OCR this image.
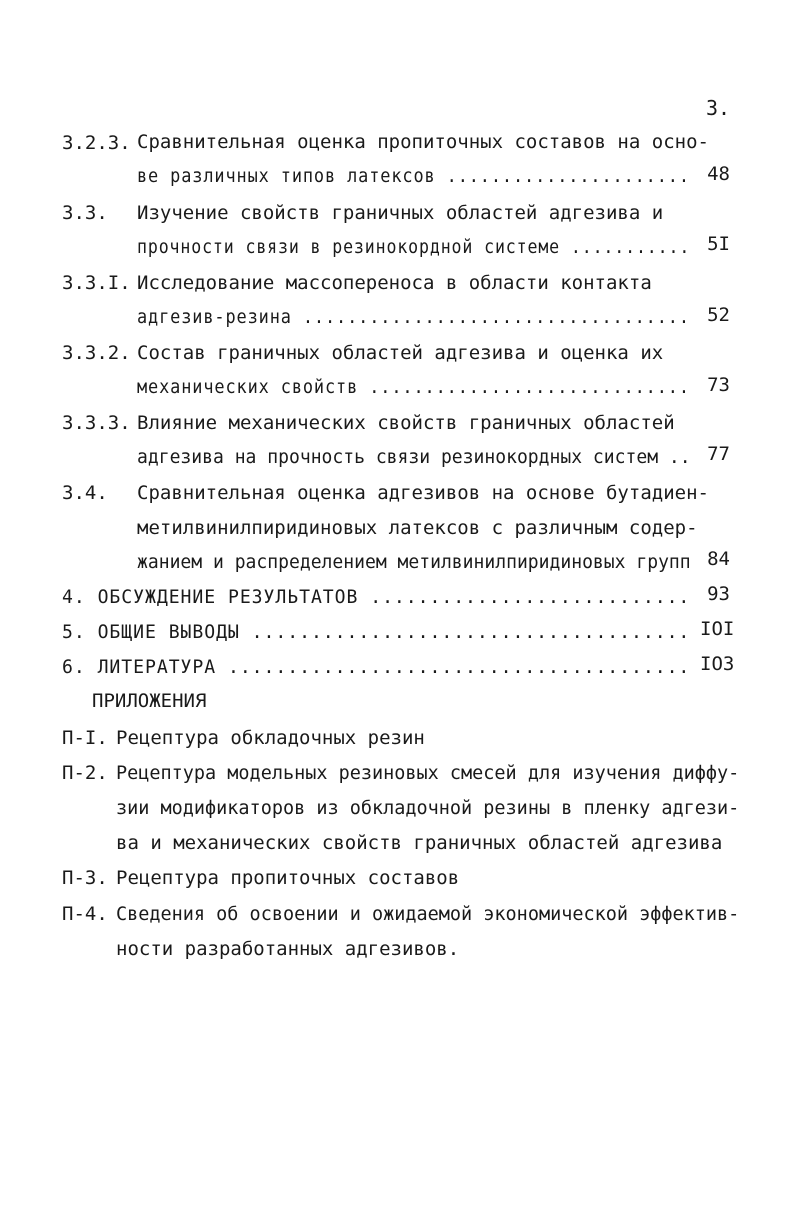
3.
3.2.3. Сравнительная оценка пропиточных составов на осно-
ве различных типов латексов ...................... 48
3.3. Изучение свойств граничных областей адгезива и
прочности связи в резинокордной системе ........... 5I
3.3.I. Исследование массопереноса в области контакта
адгезив-резина ................................... 52
3.3.2. Состав граничных областей адгезива и оценка их
механических свойств ............................. 73
3.3.3. Влияние механических свойств граничных областей
адгезива на прочность связи резинокордных систем .. 77
3.4. Сравнительная оценка адгезивов на основе бутадиен-
метилвинилпиридиновых латексов с различным содер-
жанием и распределением метилвинилпиридиновых групп 84
4. ОБСУЖДЕНИЕ РЕЗУЛЬТАТОВ ........................... 93
5. ОБЩИЕ ВЫВОДЫ ..................................... IOI
6. ЛИТЕРАТУРА ....................................... IO3
ПРИЛОЖЕНИЯ
П-I. Рецептура обкладочных резин
П-2. Рецептура модельных резиновых смесей для изучения диффу-
зии модификаторов из обкладочной резины в пленку адгези-
ва и механических свойств граничных областей адгезива
П-3. Рецептура пропиточных составов
П-4. Сведения об освоении и ожидаемой экономической эффектив-
ности разработанных адгезивов.
